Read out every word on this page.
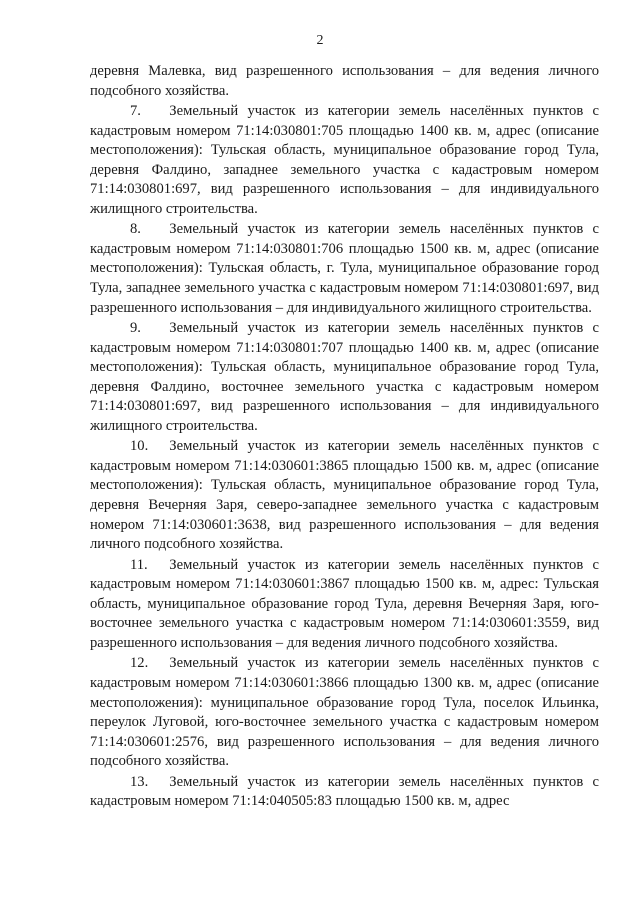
2

деревня Малевка, вид разрешенного использования – для ведения личного подсобного хозяйства.

7. Земельный участок из категории земель населённых пунктов с кадастровым номером 71:14:030801:705 площадью 1400 кв. м, адрес (описание местоположения): Тульская область, муниципальное образование город Тула, деревня Фалдино, западнее земельного участка с кадастровым номером 71:14:030801:697, вид разрешенного использования – для индивидуального жилищного строительства.

8. Земельный участок из категории земель населённых пунктов с кадастровым номером 71:14:030801:706 площадью 1500 кв. м, адрес (описание местоположения): Тульская область, г. Тула, муниципальное образование город Тула, западнее земельного участка с кадастровым номером 71:14:030801:697, вид разрешенного использования – для индивидуального жилищного строительства.

9. Земельный участок из категории земель населённых пунктов с кадастровым номером 71:14:030801:707 площадью 1400 кв. м, адрес (описание местоположения): Тульская область, муниципальное образование город Тула, деревня Фалдино, восточнее земельного участка с кадастровым номером 71:14:030801:697, вид разрешенного использования – для индивидуального жилищного строительства.

10. Земельный участок из категории земель населённых пунктов с кадастровым номером 71:14:030601:3865 площадью 1500 кв. м, адрес (описание местоположения): Тульская область, муниципальное образование город Тула, деревня Вечерняя Заря, северо-западнее земельного участка с кадастровым номером 71:14:030601:3638, вид разрешенного использования – для ведения личного подсобного хозяйства.

11. Земельный участок из категории земель населённых пунктов с кадастровым номером 71:14:030601:3867 площадью 1500 кв. м, адрес: Тульская область, муниципальное образование город Тула, деревня Вечерняя Заря, юго-восточнее земельного участка с кадастровым номером 71:14:030601:3559, вид разрешенного использования – для ведения личного подсобного хозяйства.

12. Земельный участок из категории земель населённых пунктов с кадастровым номером 71:14:030601:3866 площадью 1300 кв. м, адрес (описание местоположения): муниципальное образование город Тула, поселок Ильинка, переулок Луговой, юго-восточнее земельного участка с кадастровым номером 71:14:030601:2576, вид разрешенного использования – для ведения личного подсобного хозяйства.

13. Земельный участок из категории земель населённых пунктов с кадастровым номером 71:14:040505:83 площадью 1500 кв. м, адрес
